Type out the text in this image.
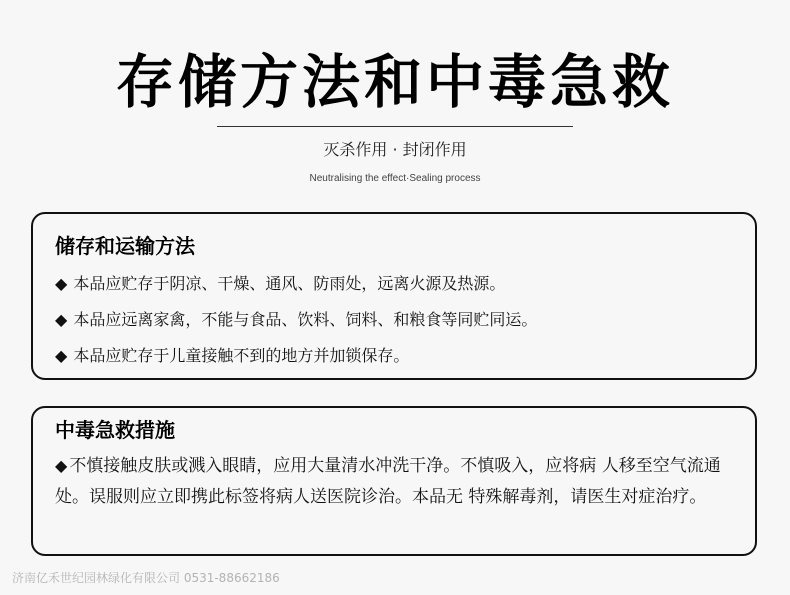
存储方法和中毒急救
灭杀作用 · 封闭作用
Neutralising the effect·Sealing process
储存和运输方法
◆ 本品应贮存于阴凉、干燥、通风、防雨处，远离火源及热源。
◆ 本品应远离家禽，不能与食品、饮料、饲料、和粮食等同贮同运。
◆ 本品应贮存于儿童接触不到的地方并加锁保存。
中毒急救措施
◆ 不慎接触皮肤或溅入眼睛，应用大量清水冲洗干净。不慎吸入，应将病 人移至空气流通处。误服则应立即携此标签将病人送医院诊治。本品无 特殊解毒剂，请医生对症治疗。
济南亿禾世纪园林绿化有限公司 0531-88662186
